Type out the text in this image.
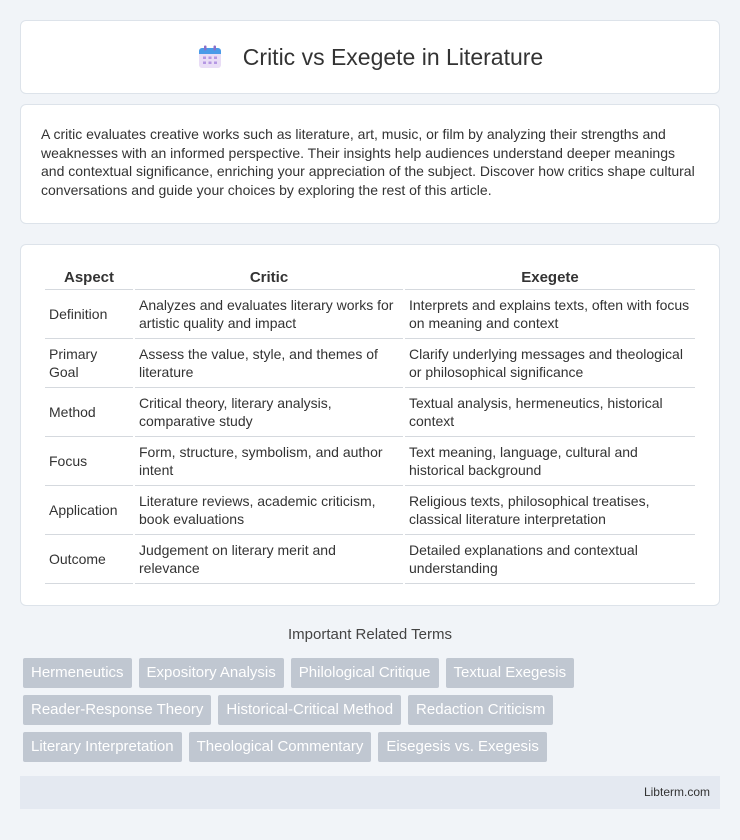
Critic vs Exegete in Literature

A critic evaluates creative works such as literature, art, music, or film by analyzing their strengths and weaknesses with an informed perspective. Their insights help audiences understand deeper meanings and contextual significance, enriching your appreciation of the subject. Discover how critics shape cultural conversations and guide your choices by exploring the rest of this article.

Aspect	Critic	Exegete
Definition	Analyzes and evaluates literary works for artistic quality and impact	Interprets and explains texts, often with focus on meaning and context
Primary Goal	Assess the value, style, and themes of literature	Clarify underlying messages and theological or philosophical significance
Method	Critical theory, literary analysis, comparative study	Textual analysis, hermeneutics, historical context
Focus	Form, structure, symbolism, and author intent	Text meaning, language, cultural and historical background
Application	Literature reviews, academic criticism, book evaluations	Religious texts, philosophical treatises, classical literature interpretation
Outcome	Judgement on literary merit and relevance	Detailed explanations and contextual understanding
Important Related Terms
Hermeneutics	Expository Analysis	Philological Critique	Textual Exegesis
Reader-Response Theory	Historical-Critical Method	Redaction Criticism
Literary Interpretation	Theological Commentary	Eisegesis vs. Exegesis
Libterm.com
